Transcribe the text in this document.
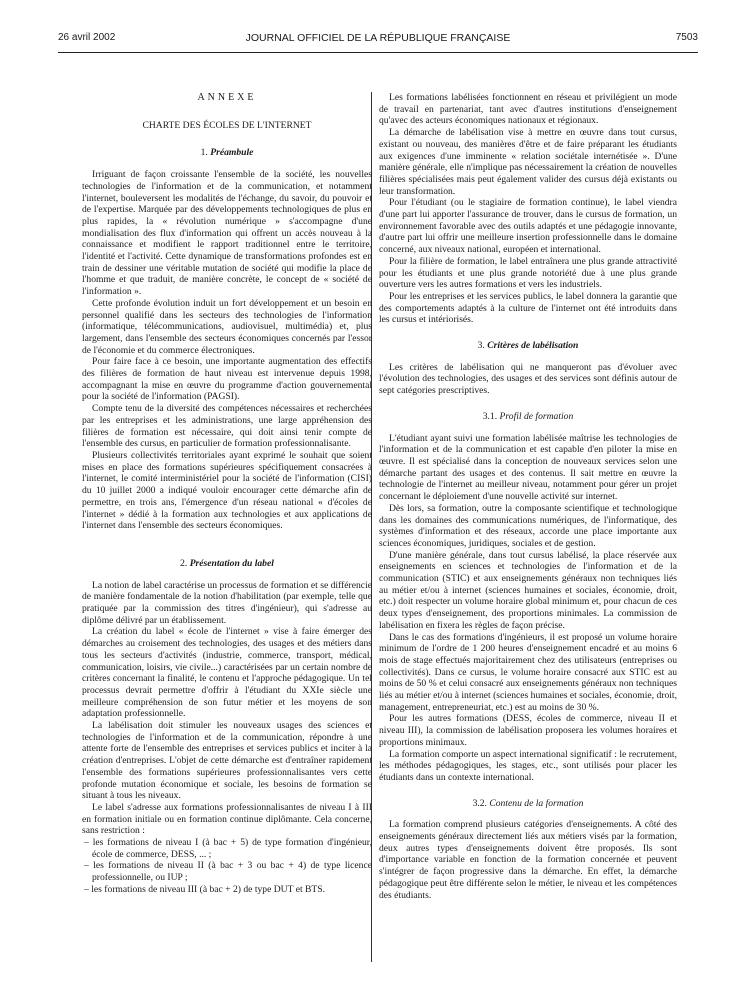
26 avril 2002	JOURNAL OFFICIEL DE LA RÉPUBLIQUE FRANÇAISE	7503
ANNEXE
CHARTE DES ÉCOLES DE L'INTERNET
1. Préambule

Irriguant de façon croissante l'ensemble de la société, les nouvelles technologies de l'information et de la communication, et notamment l'internet, bouleversent les modalités de l'échange, du savoir, du pouvoir et de l'expertise. Marquée par des développements technologiques de plus en plus rapides, la « révolution numérique » s'accompagne d'une mondialisation des flux d'information qui offrent un accès nouveau à la connaissance et modifient le rapport traditionnel entre le territoire, l'identité et l'activité. Cette dynamique de transformations profondes est en train de dessiner une véritable mutation de société qui modifie la place de l'homme et que traduit, de manière concrète, le concept de « société de l'information ».

Cette profonde évolution induit un fort développement et un besoin en personnel qualifié dans les secteurs des technologies de l'information (informatique, télécommunications, audiovisuel, multimédia) et, plus largement, dans l'ensemble des secteurs économiques concernés par l'essor de l'économie et du commerce électroniques.

Pour faire face à ce besoin, une importante augmentation des effectifs des filières de formation de haut niveau est intervenue depuis 1998, accompagnant la mise en œuvre du programme d'action gouvernemental pour la société de l'information (PAGSI).

Compte tenu de la diversité des compétences nécessaires et recherchées par les entreprises et les administrations, une large appréhension des filières de formation est nécessaire, qui doit ainsi tenir compte de l'ensemble des cursus, en particulier de formation professionnalisante.

Plusieurs collectivités territoriales ayant exprimé le souhait que soient mises en place des formations supérieures spécifiquement consacrées à l'internet, le comité interministériel pour la société de l'information (CISI) du 10 juillet 2000 a indiqué vouloir encourager cette démarche afin de permettre, en trois ans, l'émergence d'un réseau national « d'écoles de l'internet » dédié à la formation aux technologies et aux applications de l'internet dans l'ensemble des secteurs économiques.

2. Présentation du label

La notion de label caractérise un processus de formation et se différencie de manière fondamentale de la notion d'habilitation (par exemple, telle que pratiquée par la commission des titres d'ingénieur), qui s'adresse au diplôme délivré par un établissement.

La création du label « école de l'internet » vise à faire émerger des démarches au croisement des technologies, des usages et des métiers dans tous les secteurs d'activités (industrie, commerce, transport, médical, communication, loisirs, vie civile...) caractérisées par un certain nombre de critères concernant la finalité, le contenu et l'approche pédagogique. Un tel processus devrait permettre d'offrir à l'étudiant du XXIe siècle une meilleure compréhension de son futur métier et les moyens de son adaptation professionnelle.

La labélisation doit stimuler les nouveaux usages des sciences et technologies de l'information et de la communication, répondre à une attente forte de l'ensemble des entreprises et services publics et inciter à la création d'entreprises. L'objet de cette démarche est d'entraîner rapidement l'ensemble des formations supérieures professionnalisantes vers cette profonde mutation économique et sociale, les besoins de formation se situant à tous les niveaux.

Le label s'adresse aux formations professionnalisantes de niveau I à III en formation initiale ou en formation continue diplômante. Cela concerne, sans restriction :

– les formations de niveau I (à bac + 5) de type formation d'ingénieur, école de commerce, DESS, ... ;
– les formations de niveau II (à bac + 3 ou bac + 4) de type licence professionnelle, ou IUP ;
– les formations de niveau III (à bac + 2) de type DUT et BTS.

Les formations labélisées fonctionnent en réseau et privilégient un mode de travail en partenariat, tant avec d'autres institutions d'enseignement qu'avec des acteurs économiques nationaux et régionaux.

La démarche de labélisation vise à mettre en œuvre dans tout cursus, existant ou nouveau, des manières d'être et de faire préparant les étudiants aux exigences d'une imminente « relation sociétale internétisée ». D'une manière générale, elle n'implique pas nécessairement la création de nouvelles filières spécialisées mais peut également valider des cursus déjà existants ou leur transformation.

Pour l'étudiant (ou le stagiaire de formation continue), le label viendra d'une part lui apporter l'assurance de trouver, dans le cursus de formation, un environnement favorable avec des outils adaptés et une pédagogie innovante, d'autre part lui offrir une meilleure insertion professionnelle dans le domaine concerné, aux niveaux national, européen et international.

Pour la filière de formation, le label entraînera une plus grande attractivité pour les étudiants et une plus grande notoriété due à une plus grande ouverture vers les autres formations et vers les industriels.

Pour les entreprises et les services publics, le label donnera la garantie que des comportements adaptés à la culture de l'internet ont été introduits dans les cursus et intériorisés.

3. Critères de labélisation

Les critères de labélisation qui ne manqueront pas d'évoluer avec l'évolution des technologies, des usages et des services sont définis autour de sept catégories prescriptives.

3.1. Profil de formation

L'étudiant ayant suivi une formation labélisée maîtrise les technologies de l'information et de la communication et est capable d'en piloter la mise en œuvre. Il est spécialisé dans la conception de nouveaux services selon une démarche partant des usages et des contenus. Il sait mettre en œuvre la technologie de l'internet au meilleur niveau, notamment pour gérer un projet concernant le déploiement d'une nouvelle activité sur internet.

Dès lors, sa formation, outre la composante scientifique et technologique dans les domaines des communications numériques, de l'informatique, des systèmes d'information et des réseaux, accorde une place importante aux sciences économiques, juridiques, sociales et de gestion.

D'une manière générale, dans tout cursus labélisé, la place réservée aux enseignements en sciences et technologies de l'information et de la communication (STIC) et aux enseignements généraux non techniques liés au métier et/ou à internet (sciences humaines et sociales, économie, droit, etc.) doit respecter un volume horaire global minimum et, pour chacun de ces deux types d'enseignement, des proportions minimales. La commission de labélisation en fixera les règles de façon précise.

Dans le cas des formations d'ingénieurs, il est proposé un volume horaire minimum de l'ordre de 1 200 heures d'enseignement encadré et au moins 6 mois de stage effectués majoritairement chez des utilisateurs (entreprises ou collectivités). Dans ce cursus, le volume horaire consacré aux STIC est au moins de 50 % et celui consacré aux enseignements généraux non techniques liés au métier et/ou à internet (sciences humaines et sociales, économie, droit, management, entrepreneuriat, etc.) est au moins de 30 %.

Pour les autres formations (DESS, écoles de commerce, niveau II et niveau III), la commission de labélisation proposera les volumes horaires et proportions minimaux.

La formation comporte un aspect international significatif : le recrutement, les méthodes pédagogiques, les stages, etc., sont utilisés pour placer les étudiants dans un contexte international.

3.2. Contenu de la formation

La formation comprend plusieurs catégories d'enseignements. A côté des enseignements généraux directement liés aux métiers visés par la formation, deux autres types d'enseignements doivent être proposés. Ils sont d'importance variable en fonction de la formation concernée et peuvent s'intégrer de façon progressive dans la démarche. En effet, la démarche pédagogique peut être différente selon le métier, le niveau et les compétences des étudiants.
